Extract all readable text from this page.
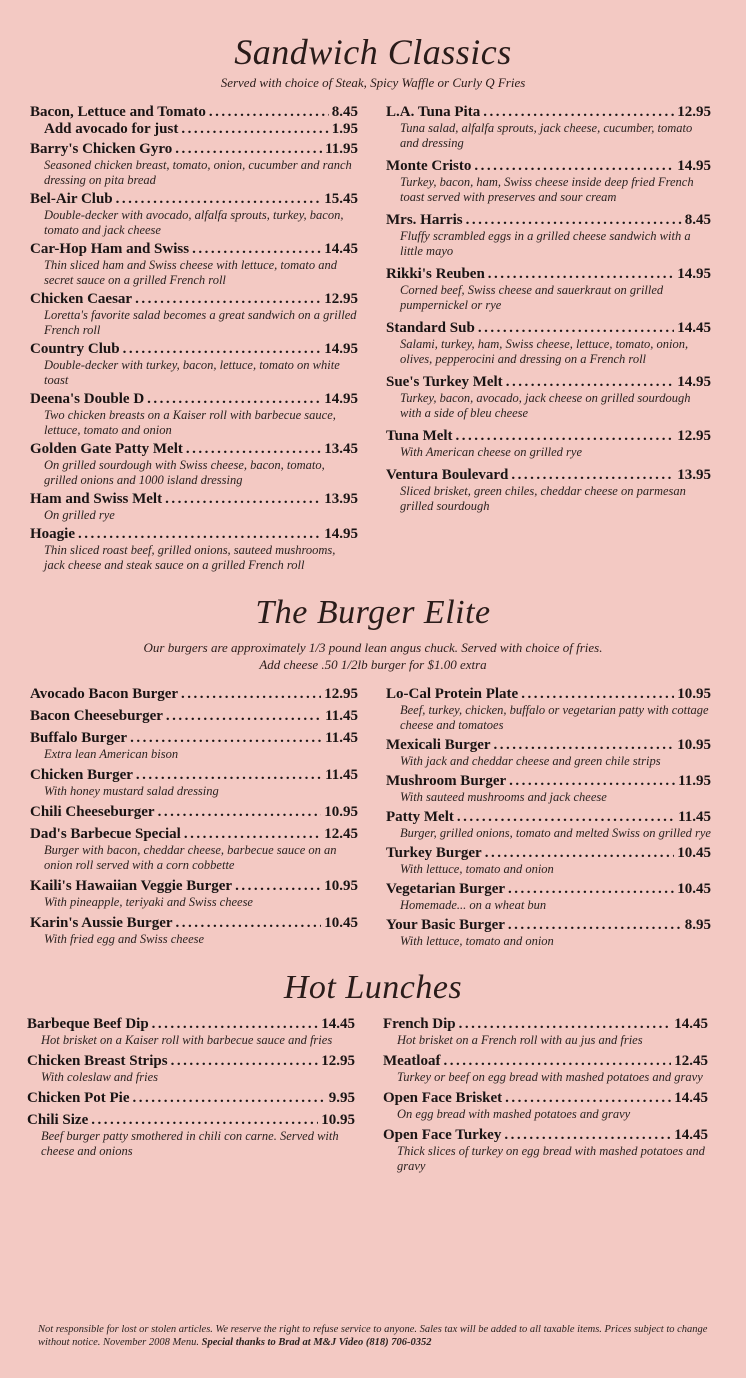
Sandwich Classics
Served with choice of Steak, Spicy Waffle or Curly Q Fries
Bacon, Lettuce and Tomato .....	8.45
Add avocado for just .....	1.95
Barry's Chicken Gyro .....	11.95
Seasoned chicken breast, tomato, onion, cucumber and ranch dressing on pita bread
Bel-Air Club .....	15.45
Double-decker with avocado, alfalfa sprouts, turkey, bacon, tomato and jack cheese
Car-Hop Ham and Swiss .....	14.45
Thin sliced ham and Swiss cheese with lettuce, tomato and secret sauce on a grilled French roll
Chicken Caesar .....	12.95
Loretta's favorite salad becomes a great sandwich on a grilled French roll
Country Club .....	14.95
Double-decker with turkey, bacon, lettuce, tomato on white toast
Deena's Double D .....	14.95
Two chicken breasts on a Kaiser roll with barbecue sauce, lettuce, tomato and onion
Golden Gate Patty Melt .....	13.45
On grilled sourdough with Swiss cheese, bacon, tomato, grilled onions and 1000 island dressing
Ham and Swiss Melt .....	13.95
On grilled rye
Hoagie .....	14.95
Thin sliced roast beef, grilled onions, sauteed mushrooms, jack cheese and steak sauce on a grilled French roll
L.A. Tuna Pita .....	12.95
Tuna salad, alfalfa sprouts, jack cheese, cucumber, tomato and dressing
Monte Cristo .....	14.95
Turkey, bacon, ham, Swiss cheese inside deep fried French toast served with preserves and sour cream
Mrs. Harris .....	8.45
Fluffy scrambled eggs in a grilled cheese sandwich with a little mayo
Rikki's Reuben .....	14.95
Corned beef, Swiss cheese and sauerkraut on grilled pumpernickel or rye
Standard Sub .....	14.45
Salami, turkey, ham, Swiss cheese, lettuce, tomato, onion, olives, pepperocini and dressing on a French roll
Sue's Turkey Melt .....	14.95
Turkey, bacon, avocado, jack cheese on grilled sourdough with a side of bleu cheese
Tuna Melt .....	12.95
With American cheese on grilled rye
Ventura Boulevard .....	13.95
Sliced brisket, green chiles, cheddar cheese on parmesan grilled sourdough
The Burger Elite
Our burgers are approximately 1/3 pound lean angus chuck. Served with choice of fries.
Add cheese .50 1/2lb burger for $1.00 extra
Avocado Bacon Burger .....	12.95
Bacon Cheeseburger .....	11.45
Buffalo Burger .....	11.45
Extra lean American bison
Chicken Burger .....	11.45
With honey mustard salad dressing
Chili Cheeseburger .....	10.95
Dad's Barbecue Special .....	12.45
Burger with bacon, cheddar cheese, barbecue sauce on an onion roll served with a corn cobbette
Kaili's Hawaiian Veggie Burger .....	10.95
With pineapple, teriyaki and Swiss cheese
Karin's Aussie Burger .....	10.45
With fried egg and Swiss cheese
Lo-Cal Protein Plate .....	10.95
Beef, turkey, chicken, buffalo or vegetarian patty with cottage cheese and tomatoes
Mexicali Burger .....	10.95
With jack and cheddar cheese and green chile strips
Mushroom Burger .....	11.95
With sauteed mushrooms and jack cheese
Patty Melt .....	11.45
Burger, grilled onions, tomato and melted Swiss on grilled rye
Turkey Burger .....	10.45
With lettuce, tomato and onion
Vegetarian Burger .....	10.45
Homemade... on a wheat bun
Your Basic Burger .....	8.95
With lettuce, tomato and onion
Hot Lunches
Barbeque Beef Dip .....	14.45
Hot brisket on a Kaiser roll with barbecue sauce and fries
Chicken Breast Strips .....	12.95
With coleslaw and fries
Chicken Pot Pie .....	9.95
Chili Size .....	10.95
Beef burger patty smothered in chili con carne. Served with cheese and onions
French Dip .....	14.45
Hot brisket on a French roll with au jus and fries
Meatloaf .....	12.45
Turkey or beef on egg bread with mashed potatoes and gravy
Open Face Brisket .....	14.45
On egg bread with mashed potatoes and gravy
Open Face Turkey .....	14.45
Thick slices of turkey on egg bread with mashed potatoes and gravy
Not responsible for lost or stolen articles. We reserve the right to refuse service to anyone. Sales tax will be added to all taxable items. Prices subject to change without notice. November 2008 Menu. Special thanks to Brad at M&J Video (818) 706-0352
